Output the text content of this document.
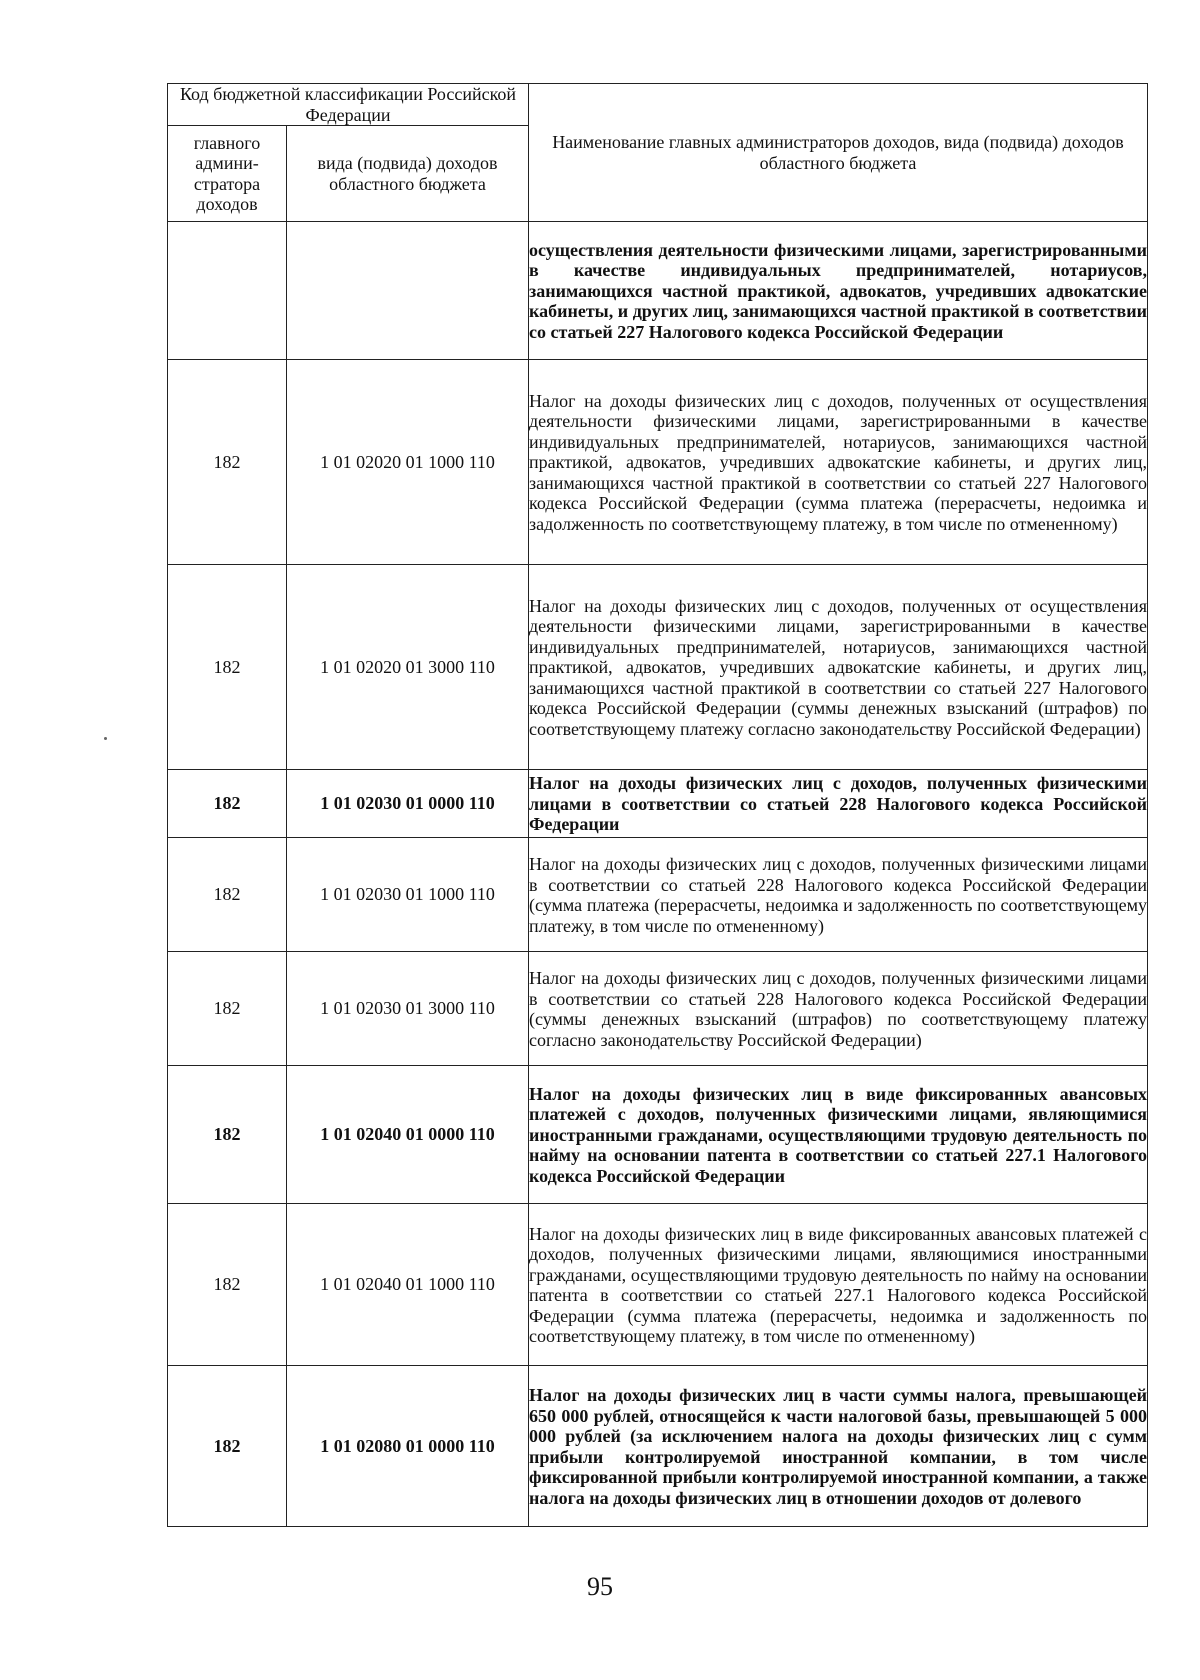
Код бюджетной классификации Российской Федерации		Наименование главных администраторов доходов, вида (подвида) доходов областного бюджета
главного админи-стратора доходов	вида (подвида) доходов областного бюджета	

		осуществления деятельности физическими лицами, зарегистрированными в качестве индивидуальных предпринимателей, нотариусов, занимающихся частной практикой, адвокатов, учредивших адвокатские кабинеты, и других лиц, занимающихся частной практикой в соответствии со статьей 227 Налогового кодекса Российской Федерации

182	1 01 02020 01 1000 110	Налог на доходы физических лиц с доходов, полученных от осуществления деятельности физическими лицами, зарегистрированными в качестве индивидуальных предпринимателей, нотариусов, занимающихся частной практикой, адвокатов, учредивших адвокатские кабинеты, и других лиц, занимающихся частной практикой в соответствии со статьей 227 Налогового кодекса Российской Федерации (сумма платежа (перерасчеты, недоимка и задолженность по соответствующему платежу, в том числе по отмененному)

182	1 01 02020 01 3000 110	Налог на доходы физических лиц с доходов, полученных от осуществления деятельности физическими лицами, зарегистрированными в качестве индивидуальных предпринимателей, нотариусов, занимающихся частной практикой, адвокатов, учредивших адвокатские кабинеты, и других лиц, занимающихся частной практикой в соответствии со статьей 227 Налогового кодекса Российской Федерации (суммы денежных взысканий (штрафов) по соответствующему платежу согласно законодательству Российской Федерации)

182	1 01 02030 01 0000 110	Налог на доходы физических лиц с доходов, полученных физическими лицами в соответствии со статьей 228 Налогового кодекса Российской Федерации

182	1 01 02030 01 1000 110	Налог на доходы физических лиц с доходов, полученных физическими лицами в соответствии со статьей 228 Налогового кодекса Российской Федерации (сумма платежа (перерасчеты, недоимка и задолженность по соответствующему платежу, в том числе по отмененному)

182	1 01 02030 01 3000 110	Налог на доходы физических лиц с доходов, полученных физическими лицами в соответствии со статьей 228 Налогового кодекса Российской Федерации (суммы денежных взысканий (штрафов) по соответствующему платежу согласно законодательству Российской Федерации)

182	1 01 02040 01 0000 110	Налог на доходы физических лиц в виде фиксированных авансовых платежей с доходов, полученных физическими лицами, являющимися иностранными гражданами, осуществляющими трудовую деятельность по найму на основании патента в соответствии со статьей 227.1 Налогового кодекса Российской Федерации

182	1 01 02040 01 1000 110	Налог на доходы физических лиц в виде фиксированных авансовых платежей с доходов, полученных физическими лицами, являющимися иностранными гражданами, осуществляющими трудовую деятельность по найму на основании патента в соответствии со статьей 227.1 Налогового кодекса Российской Федерации (сумма платежа (перерасчеты, недоимка и задолженность по соответствующему платежу, в том числе по отмененному)

182	1 01 02080 01 0000 110	Налог на доходы физических лиц в части суммы налога, превышающей 650 000 рублей, относящейся к части налоговой базы, превышающей 5 000 000 рублей (за исключением налога на доходы физических лиц с сумм прибыли контролируемой иностранной компании, в том числе фиксированной прибыли контролируемой иностранной компании, а также налога на доходы физических лиц в отношении доходов от долевого
95
